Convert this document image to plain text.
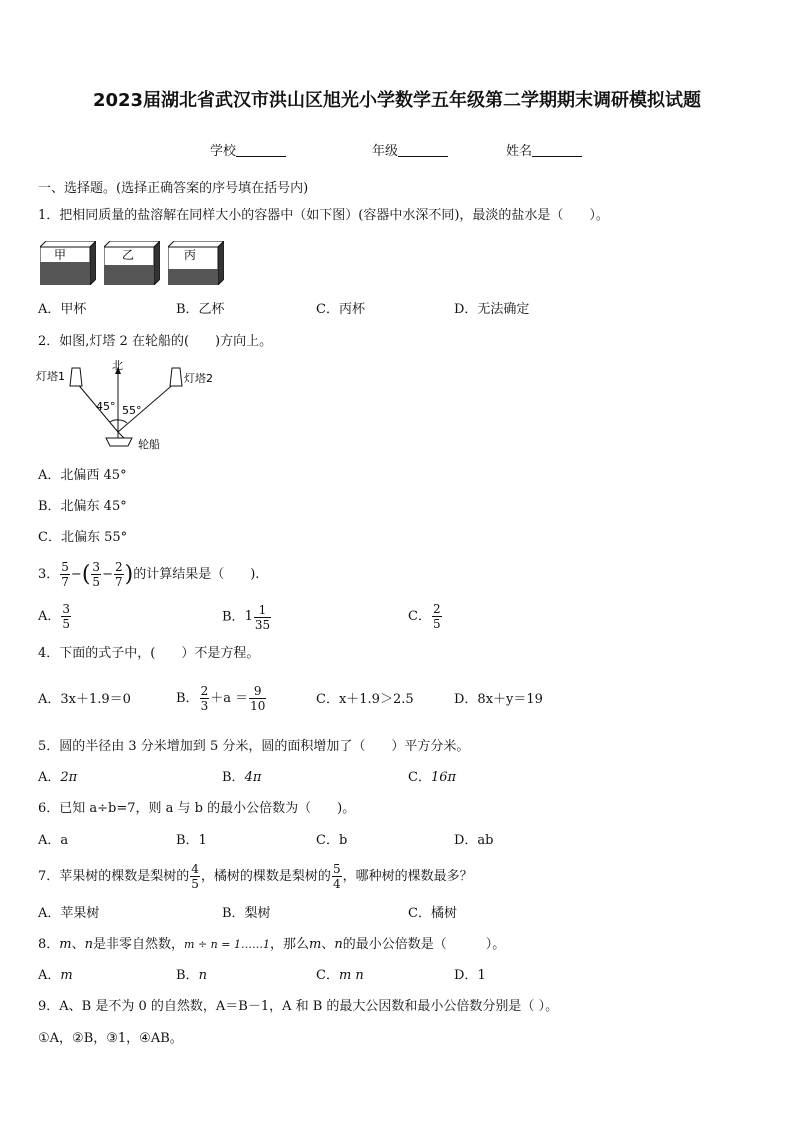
2023届湖北省武汉市洪山区旭光小学数学五年级第二学期期末调研模拟试题
学校	年级	姓名
一、选择题。(选择正确答案的序号填在括号内)
1．把相同质量的盐溶解在同样大小的容器中（如下图）(容器中水深不同)，最淡的盐水是（　　）。
甲	乙	丙
A．甲杯	B．乙杯	C．丙杯	D．无法确定
2．如图,灯塔 2 在轮船的(　　)方向上。
北
灯塔1	灯塔2
45° 55°
轮船
A．北偏西 45°
B．北偏东 45°
C．北偏东 55°
3． $\frac{5}{7}$ −( $\frac{3}{5} - \frac{2}{7}$ )的计算结果是（　　).
A． $\frac{3}{5}$	B．$1 \frac{1}{35}$	C． $\frac{2}{5}$
4．下面的式子中，(　　）不是方程。
A．3x＋1.9＝0	B． $\frac{2}{3} +a = \frac{9}{10}$	C．x＋1.9＞2.5	D．8x＋y＝19
5．圆的半径由 3 分米增加到 5 分米，圆的面积增加了（　　）平方分米。
A．2π	B．4π	C．16π
6．已知 a÷b=7，则 a 与 b 的最小公倍数为（　　)。
A．a	B．1	C．b	D．ab
7．苹果树的棵数是梨树的 $\frac{4}{5}$ ，橘树的棵数是梨树的 $\frac{5}{4}$ ，哪种树的棵数最多？
A．苹果树	B．梨树	C．橘树
8．m、n是非零自然数，m ÷ n = 1……1，那么m、n的最小公倍数是（　　　）。
A．m	B．n	C．m n	D．1
9．A、B 是不为 0 的自然数，A＝B－1，A 和 B 的最大公因数和最小公倍数分别是（ ）。
①A，②B，③1，④AB。
